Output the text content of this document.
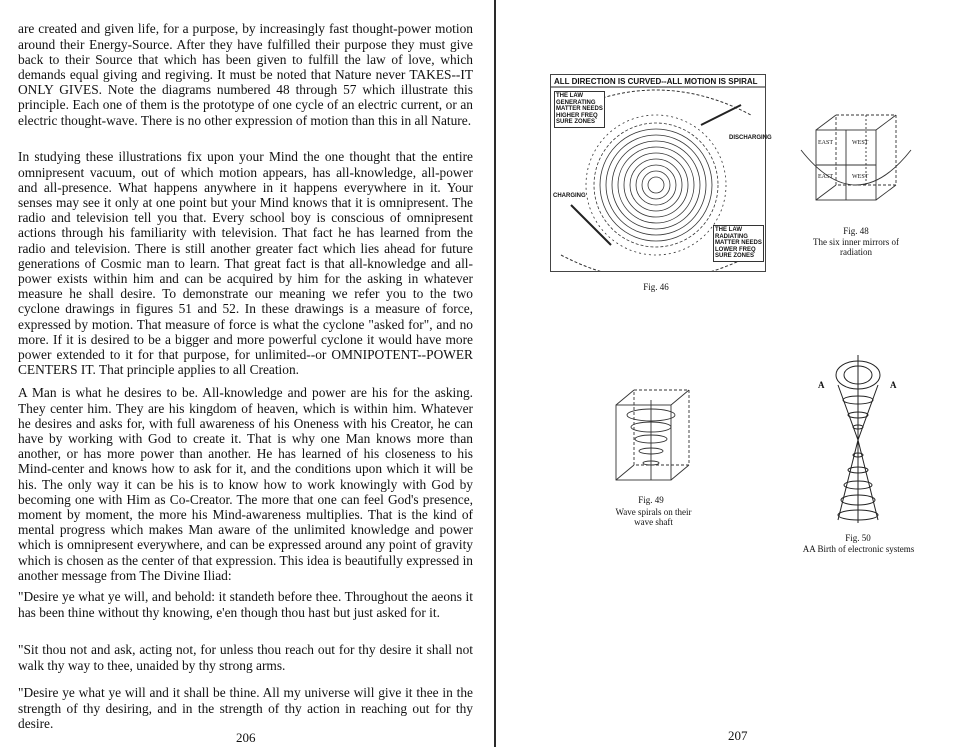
are created and given life, for a purpose, by increasingly fast thought-power motion around their Energy-Source. After they have fulfilled their purpose they must give back to their Source that which has been given to fulfill the law of love, which demands equal giving and regiving. It must be noted that Nature never TAKES--IT ONLY GIVES. Note the diagrams numbered 48 through 57 which illustrate this principle. Each one of them is the prototype of one cycle of an electric current, or an electric thought-wave. There is no other expression of motion than this in all Nature.

In studying these illustrations fix upon your Mind the one thought that the entire omnipresent vacuum, out of which motion appears, has all-knowledge, all-power and all-presence. What happens anywhere in it happens everywhere in it. Your senses may see it only at one point but your Mind knows that it is omnipresent. The radio and television tell you that. Every school boy is conscious of omnipresent actions through his familiarity with television. That fact he has learned from the radio and television. There is still another greater fact which lies ahead for future generations of Cosmic man to learn. That great fact is that all-knowledge and all-power exists within him and can be acquired by him for the asking in whatever measure he shall desire. To demonstrate our meaning we refer you to the two cyclone drawings in figures 51 and 52. In these drawings is a measure of force, expressed by motion. That measure of force is what the cyclone "asked for", and no more. If it is desired to be a bigger and more powerful cyclone it would have more power extended to it for that purpose, for unlimited--or OMNIPOTENT--POWER CENTERS IT. That principle applies to all Creation.

A Man is what he desires to be. All-knowledge and power are his for the asking. They center him. They are his kingdom of heaven, which is within him. Whatever he desires and asks for, with full awareness of his Oneness with his Creator, he can have by working with God to create it. That is why one Man knows more than another, or has more power than another. He has learned of his closeness to his Mind-center and knows how to ask for it, and the conditions upon which it will be his. The only way it can be his is to know how to work knowingly with God by becoming one with Him as Co-Creator. The more that one can feel God's presence, moment by moment, the more his Mind-awareness multiplies. That is the kind of mental progress which makes Man aware of the unlimited knowledge and power which is omnipresent everywhere, and can be expressed around any point of gravity which is chosen as the center of that expression. This idea is beautifully expressed in another message from The Divine Iliad:

"Desire ye what ye will, and behold: it standeth before thee. Throughout the aeons it has been thine without thy knowing, e'en though thou hast but just asked for it.

"Sit thou not and ask, acting not, for unless thou reach out for thy desire it shall not walk thy way to thee, unaided by thy strong arms.

"Desire ye what ye will and it shall be thine. All my universe will give it thee in the strength of thy desiring, and in the strength of thy action in reaching out for thy desire.

206
ALL DIRECTION IS CURVED--ALL MOTION IS SPIRAL
THE LAW
GENERATING
MATTER NEEDS
HIGHER FREQ
SURE ZONES
THE LAW
RADIATING
MATTER NEEDS
LOWER FREQ
SURE ZONES
CHARGING
DISCHARGING
Fig. 46
EAST	WEST
EAST	WEST
Fig. 48
The six inner mirrors of radiation
Fig. 49
Wave spirals on their wave shaft
A	A
Fig. 50
AA Birth of electronic systems
207
